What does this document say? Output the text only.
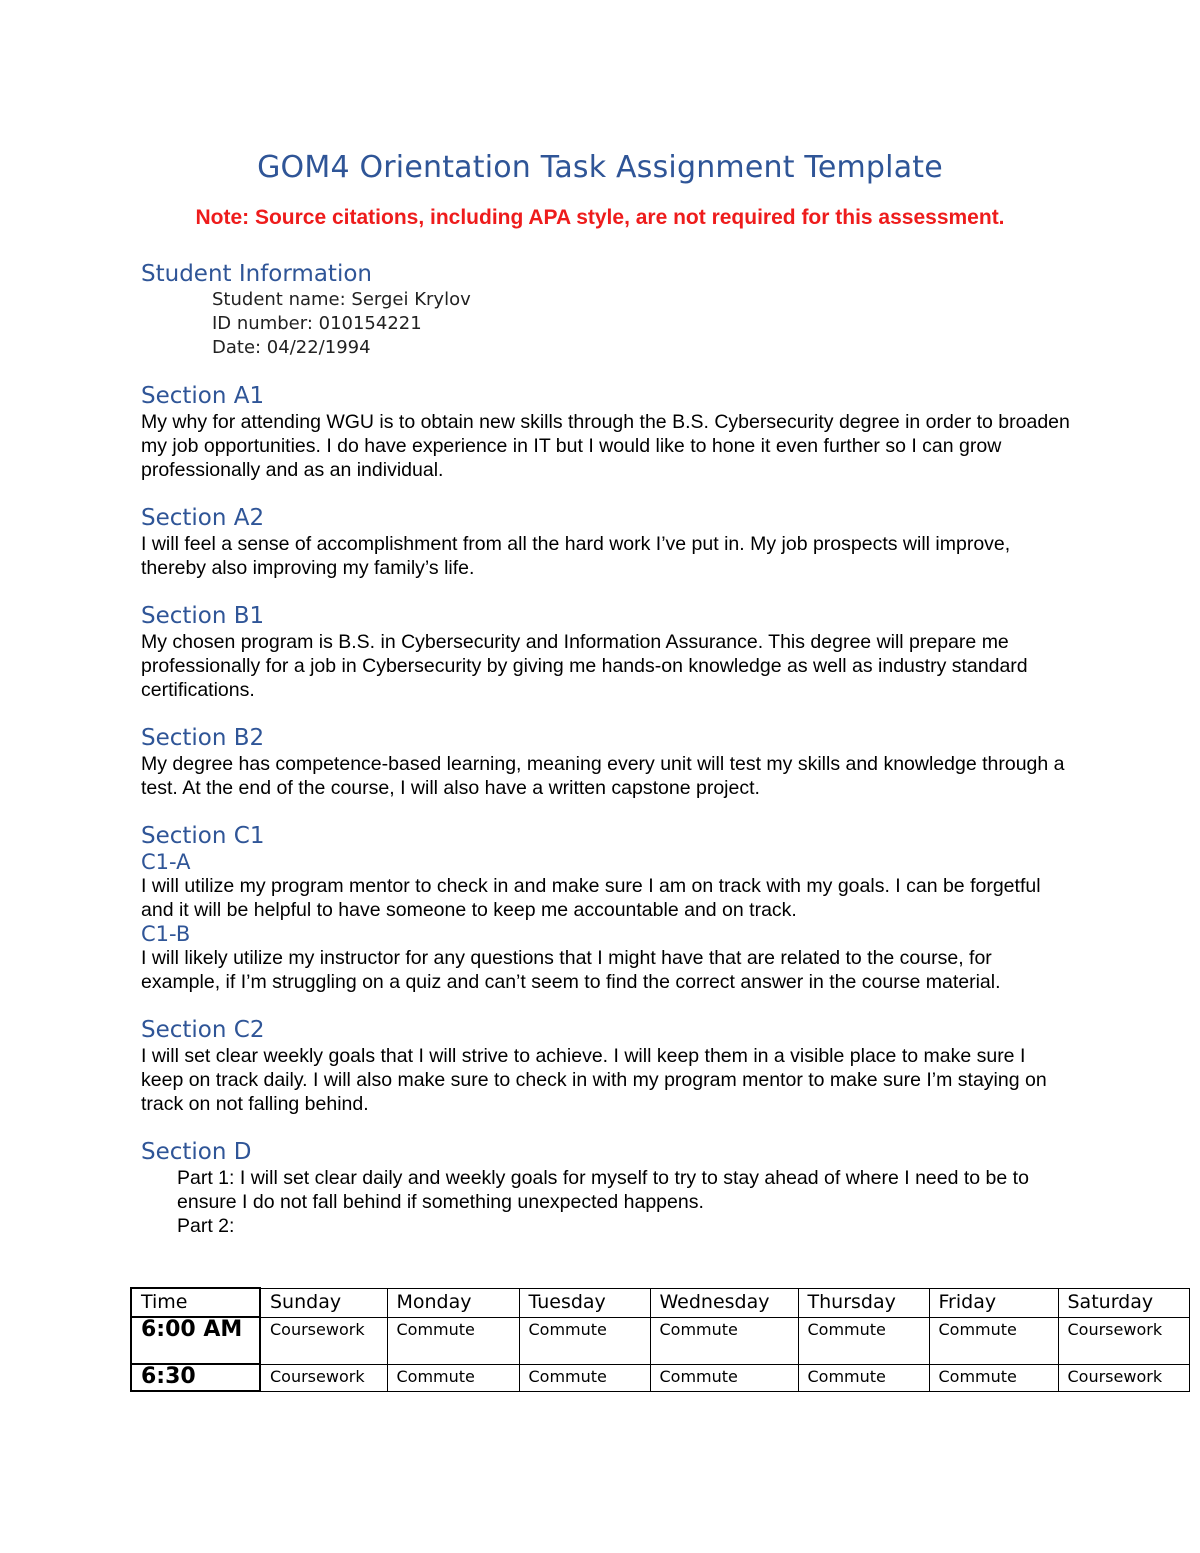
GOM4 Orientation Task Assignment Template
Note: Source citations, including APA style, are not required for this assessment.
Student Information
Student name: Sergei Krylov
ID number: 010154221
Date: 04/22/1994
Section A1

My why for attending WGU is to obtain new skills through the B.S. Cybersecurity degree in order to broaden my job opportunities. I do have experience in IT but I would like to hone it even further so I can grow professionally and as an individual.

Section A2

I will feel a sense of accomplishment from all the hard work I’ve put in. My job prospects will improve, thereby also improving my family’s life.

Section B1

My chosen program is B.S. in Cybersecurity and Information Assurance. This degree will prepare me professionally for a job in Cybersecurity by giving me hands-on knowledge as well as industry standard certifications.

Section B2

My degree has competence-based learning, meaning every unit will test my skills and knowledge through a test. At the end of the course, I will also have a written capstone project.

Section C1
C1-A

I will utilize my program mentor to check in and make sure I am on track with my goals. I can be forgetful and it will be helpful to have someone to keep me accountable and on track.

C1-B

I will likely utilize my instructor for any questions that I might have that are related to the course, for example, if I’m struggling on a quiz and can’t seem to find the correct answer in the course material.

Section C2

I will set clear weekly goals that I will strive to achieve. I will keep them in a visible place to make sure I keep on track daily. I will also make sure to check in with my program mentor to make sure I’m staying on track on not falling behind.

Section D
Part 1: I will set clear daily and weekly goals for myself to try to stay ahead of where I need to be to ensure I do not fall behind if something unexpected happens.
Part 2:
Time	Sunday	Monday	Tuesday	Wednesday	Thursday	Friday	Saturday
6:00 AM	Coursework	Commute	Commute	Commute	Commute	Commute	Coursework
6:30	Coursework	Commute	Commute	Commute	Commute	Commute	Coursework
